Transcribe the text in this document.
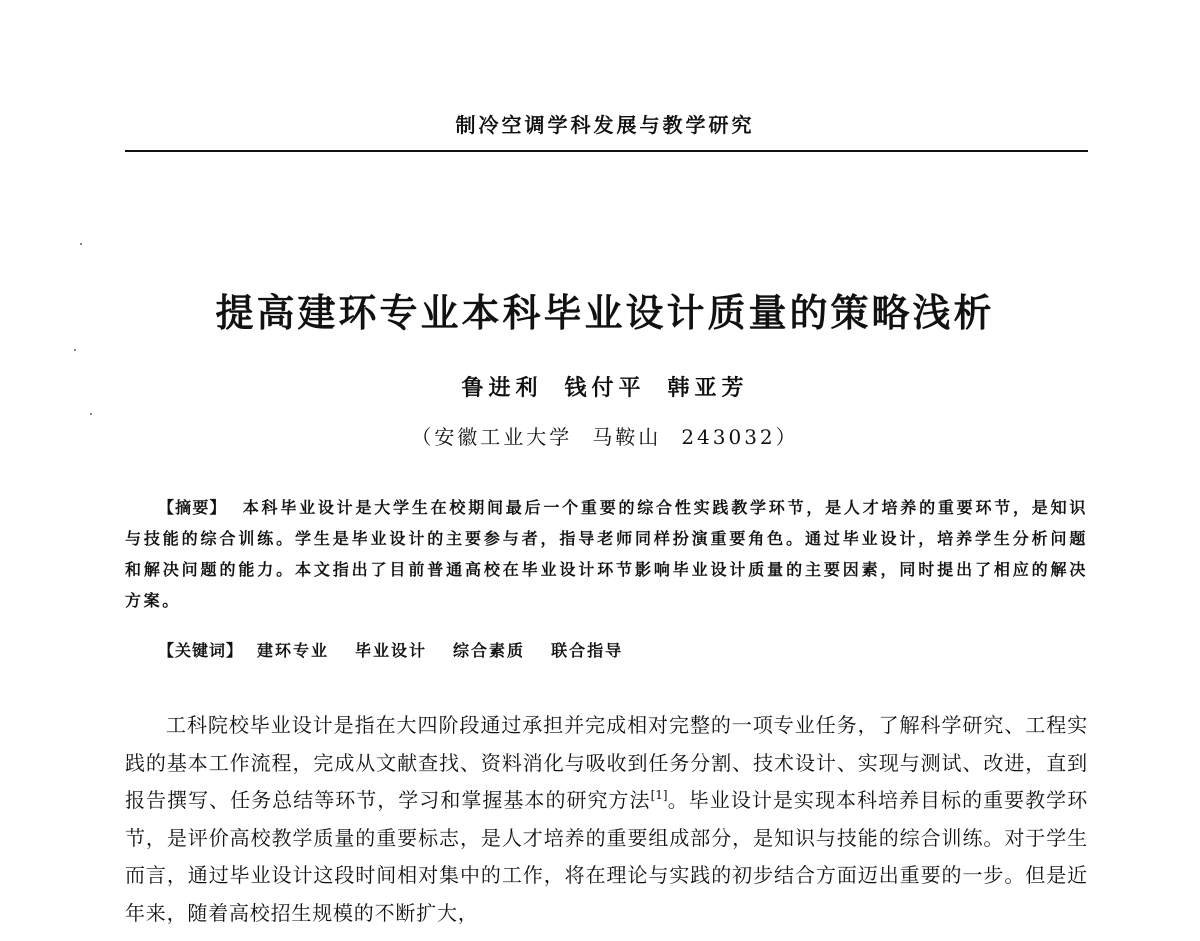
制冷空调学科发展与教学研究
提高建环专业本科毕业设计质量的策略浅析
鲁进利 钱付平 韩亚芳
（安徽工业大学 马鞍山 243032）
【摘要】 本科毕业设计是大学生在校期间最后一个重要的综合性实践教学环节，是人才培养的重要环节，是知识与技能的综合训练。学生是毕业设计的主要参与者，指导老师同样扮演重要角色。通过毕业设计，培养学生分析问题和解决问题的能力。本文指出了目前普通高校在毕业设计环节影响毕业设计质量的主要因素，同时提出了相应的解决方案。
【关键词】 建环专业 毕业设计 综合素质 联合指导
工科院校毕业设计是指在大四阶段通过承担并完成相对完整的一项专业任务，了解科学研究、工程实践的基本工作流程，完成从文献查找、资料消化与吸收到任务分割、技术设计、实现与测试、改进，直到报告撰写、任务总结等环节，学习和掌握基本的研究方法[1]。毕业设计是实现本科培养目标的重要教学环节，是评价高校教学质量的重要标志，是人才培养的重要组成部分，是知识与技能的综合训练。对于学生而言，通过毕业设计这段时间相对集中的工作，将在理论与实践的初步结合方面迈出重要的一步。但是近年来，随着高校招生规模的不断扩大，
